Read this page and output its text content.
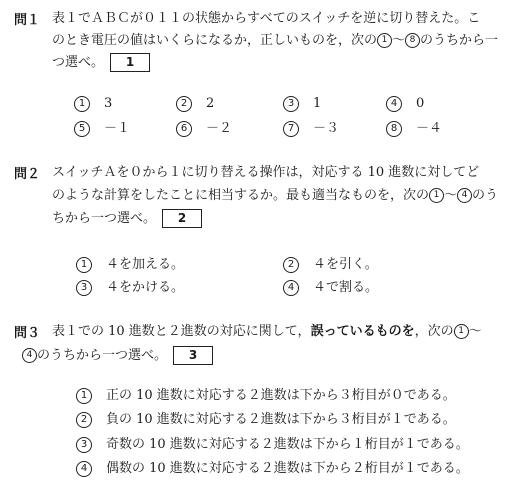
問１ 表１でＡＢＣが０１１の状態からすべてのスイッチを逆に切り替えた。こ
のとき電圧の値はいくらになるか，正しいものを，次の 1 ～ 8 のうちから一
つ選べ。 1
1 3	2 2	3 1	4 0
5 －１	6 －２	7 －３	8 －４
問２ スイッチＡを０から１に切り替える操作は，対応する 10 進数に対してど
のような計算をしたことに相当するか。最も適当なものを，次の 1 ～ 4 のう
ちから一つ選べ。 2
1 ４を加える。	2 ４を引く。
3 ４をかける。	4 ４で割る。
問３ 表１での 10 進数と２進数の対応に関して，誤っているものを，次の 1 ～
4 のうちから一つ選べ。 3
1 正の 10 進数に対応する２進数は下から３桁目が０である。
2 負の 10 進数に対応する２進数は下から３桁目が１である。
3 奇数の 10 進数に対応する２進数は下から１桁目が１である。
4 偶数の 10 進数に対応する２進数は下から２桁目が１である。
